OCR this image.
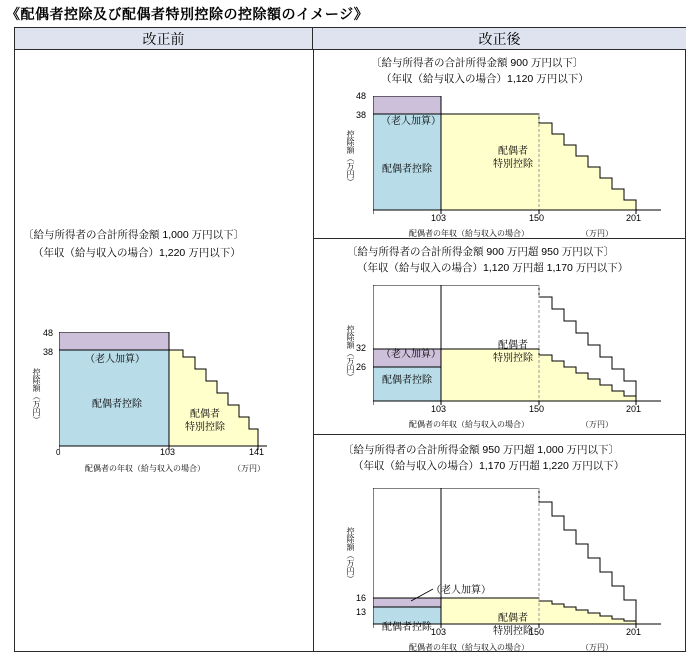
《配偶者控除及び配偶者特別控除の控除額のイメージ》
改正前	改正後
〔給与所得者の合計所得金額 1,000 万円以下〕
（年収（給与収入の場合）1,220 万円以下）
控除額（万円）
48
38
（老人加算）
配偶者控除
配偶者
特別控除
0	103	141
配偶者の年収（給与収入の場合）	（万円）
〔給与所得者の合計所得金額 900 万円以下〕
（年収（給与収入の場合）1,120 万円以下）
控除額（万円）
48
38
（老人加算）
配偶者控除
配偶者
特別控除
103	150	201
配偶者の年収（給与収入の場合）	（万円）
〔給与所得者の合計所得金額 900 万円超 950 万円以下〕
（年収（給与収入の場合）1,120 万円超 1,170 万円以下）
控除額（万円） 32
26
（老人加算）
配偶者控除
配偶者
特別控除
103	150	201
配偶者の年収（給与収入の場合）	（万円）
〔給与所得者の合計所得金額 950 万円超 1,000 万円以下〕
（年収（給与収入の場合）1,170 万円超 1,220 万円以下）
控除額（万円）
16
13
（老人加算）
配偶者控除
配偶者
特別控除
103	150	201
配偶者の年収（給与収入の場合）	（万円）
